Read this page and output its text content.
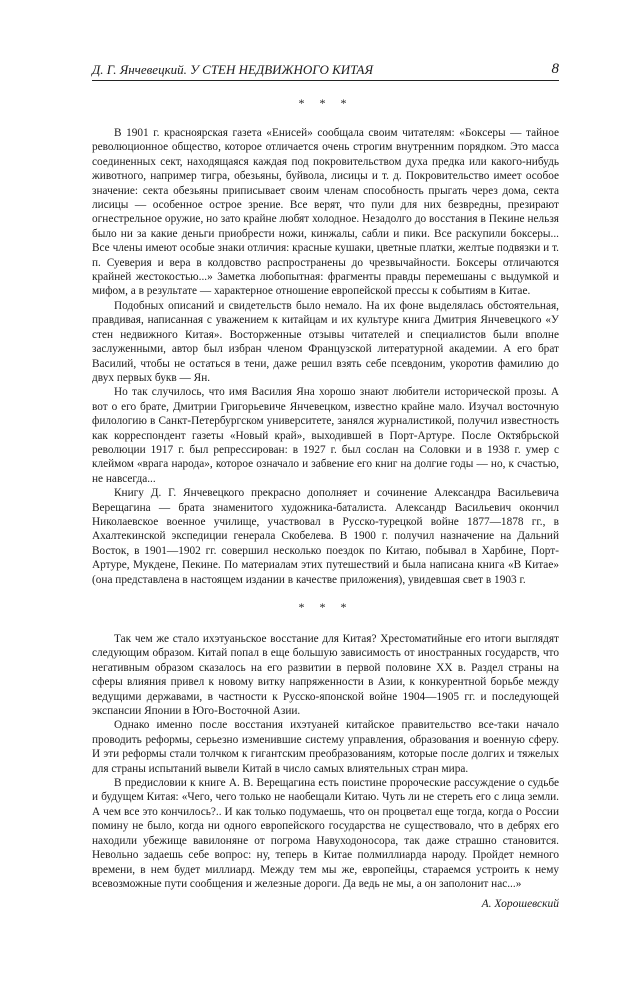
Д. Г. Янчевецкий. У СТЕН НЕДВИЖНОГО КИТАЯ	8
* * *

В 1901 г. красноярская газета «Енисей» сообщала своим читателям: «Боксеры — тайное революционное общество, которое отличается очень строгим внутренним порядком. Это масса соединенных сект, находящаяся каждая под покровительством духа предка или какого-нибудь животного, например тигра, обезьяны, буйвола, лисицы и т. д. Покровительство имеет особое значение: секта обезьяны приписывает своим членам способность прыгать через дома, секта лисицы — особенное острое зрение. Все верят, что пули для них безвредны, презирают огнестрельное оружие, но зато крайне любят холодное. Незадолго до восстания в Пекине нельзя было ни за какие деньги приобрести ножи, кинжалы, сабли и пики. Все раскупили боксеры... Все члены имеют особые знаки отличия: красные кушаки, цветные платки, желтые подвязки и т. п. Суеверия и вера в колдовство распространены до чрезвычайности. Боксеры отличаются крайней жестокостью...» Заметка любопытная: фрагменты правды перемешаны с выдумкой и мифом, а в результате — характерное отношение европейской прессы к событиям в Китае.

Подобных описаний и свидетельств было немало. На их фоне выделялась обстоятельная, правдивая, написанная с уважением к китайцам и их культуре книга Дмитрия Янчевецкого «У стен недвижного Китая». Восторженные отзывы читателей и специалистов были вполне заслуженными, автор был избран членом Французской литературной академии. А его брат Василий, чтобы не остаться в тени, даже решил взять себе псевдоним, укоротив фамилию до двух первых букв — Ян.

Но так случилось, что имя Василия Яна хорошо знают любители исторической прозы. А вот о его брате, Дмитрии Григорьевиче Янчевецком, известно крайне мало. Изучал восточную филологию в Санкт-Петербургском университете, занялся журналистикой, получил известность как корреспондент газеты «Новый край», выходившей в Порт-Артуре. После Октябрьской революции 1917 г. был репрессирован: в 1927 г. был сослан на Соловки и в 1938 г. умер с клеймом «врага народа», которое означало и забвение его книг на долгие годы — но, к счастью, не навсегда...

Книгу Д. Г. Янчевецкого прекрасно дополняет и сочинение Александра Васильевича Верещагина — брата знаменитого художника-баталиста. Александр Васильевич окончил Николаевское военное училище, участвовал в Русско-турецкой войне 1877—1878 гг., в Ахалтекинской экспедиции генерала Скобелева. В 1900 г. получил назначение на Дальний Восток, в 1901—1902 гг. совершил несколько поездок по Китаю, побывал в Харбине, Порт-Артуре, Мукдене, Пекине. По материалам этих путешествий и была написана книга «В Китае» (она представлена в настоящем издании в качестве приложения), увидевшая свет в 1903 г.

* * *

Так чем же стало ихэтуаньское восстание для Китая? Хрестоматийные его итоги выглядят следующим образом. Китай попал в еще большую зависимость от иностранных государств, что негативным образом сказалось на его развитии в первой половине XX в. Раздел страны на сферы влияния привел к новому витку напряженности в Азии, к конкурентной борьбе между ведущими державами, в частности к Русско-японской войне 1904—1905 гг. и последующей экспансии Японии в Юго-Восточной Азии.

Однако именно после восстания ихэтуаней китайское правительство все-таки начало проводить реформы, серьезно изменившие систему управления, образования и военную сферу. И эти реформы стали толчком к гигантским преобразованиям, которые после долгих и тяжелых для страны испытаний вывели Китай в число самых влиятельных стран мира.

В предисловии к книге А. В. Верещагина есть поистине пророческие рассуждение о судьбе и будущем Китая: «Чего, чего только не наобещали Китаю. Чуть ли не стереть его с лица земли. А чем все это кончилось?.. И как только подумаешь, что он процветал еще тогда, когда о России помину не было, когда ни одного европейского государства не существовало, что в дебрях его находили убежище вавилоняне от погрома Навуходоносора, так даже страшно становится. Невольно задаешь себе вопрос: ну, теперь в Китае полмиллиарда народу. Пройдет немного времени, в нем будет миллиард. Между тем мы же, европейцы, стараемся устроить к нему всевозможные пути сообщения и железные дороги. Да ведь не мы, а он заполонит нас...»

А. Хорошевский
